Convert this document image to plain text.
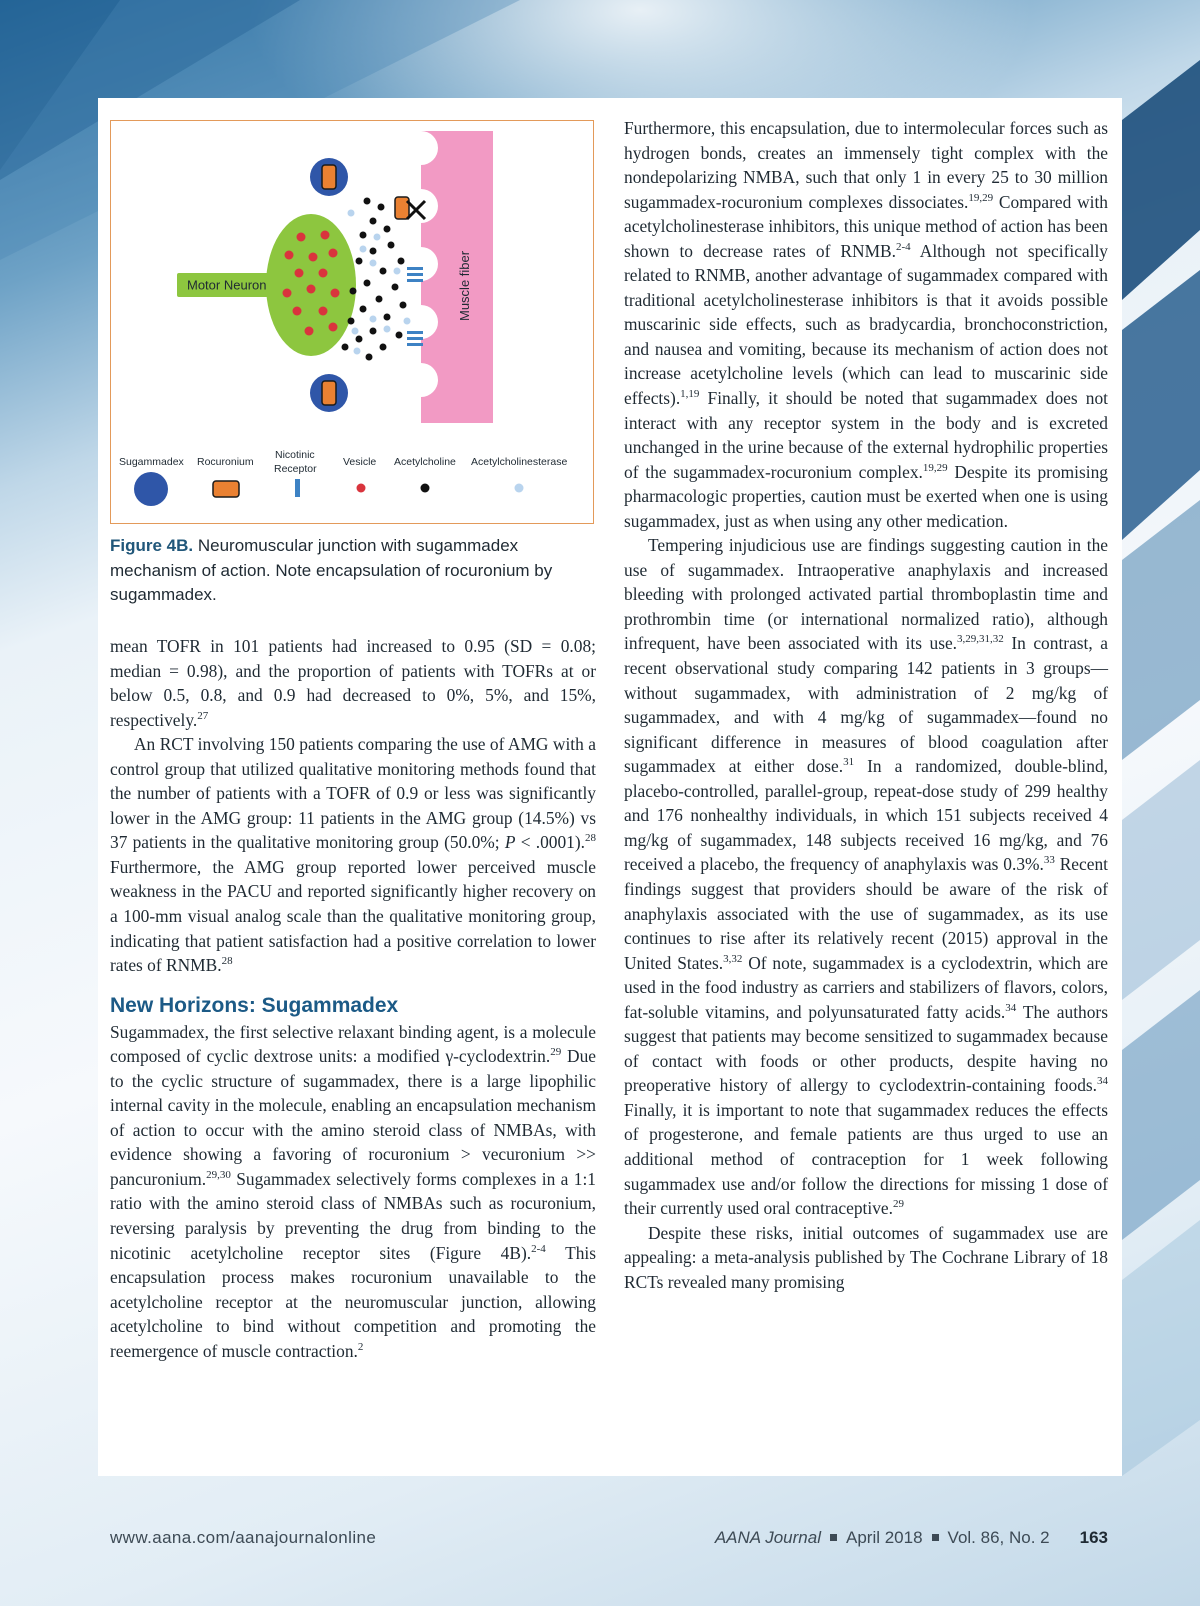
Muscle fiber
Motor Neuron
Sugammadex Rocuronium
Nicotinic
Receptor
Vesicle Acetylcholine Acetylcholinesterase
Figure 4B. Neuromuscular junction with sugammadex mechanism of action. Note encapsulation of rocuronium by sugammadex.

mean TOFR in 101 patients had increased to 0.95 (SD = 0.08; median = 0.98), and the proportion of patients with TOFRs at or below 0.5, 0.8, and 0.9 had decreased to 0%, 5%, and 15%, respectively.$^{27}$

An RCT involving 150 patients comparing the use of AMG with a control group that utilized qualitative monitoring methods found that the number of patients with a TOFR of 0.9 or less was significantly lower in the AMG group: 11 patients in the AMG group (14.5%) vs 37 patients in the qualitative monitoring group (50.0%; P < .0001).$^{28}$ Furthermore, the AMG group reported lower perceived muscle weakness in the PACU and reported significantly higher recovery on a 100-mm visual analog scale than the qualitative monitoring group, indicating that patient satisfaction had a positive correlation to lower rates of RNMB.$^{28}$

New Horizons: Sugammadex

Sugammadex, the first selective relaxant binding agent, is a molecule composed of cyclic dextrose units: a modified γ-cyclodextrin.$^{29}$ Due to the cyclic structure of sugammadex, there is a large lipophilic internal cavity in the molecule, enabling an encapsulation mechanism of action to occur with the amino steroid class of NMBAs, with evidence showing a favoring of rocuronium > vecuronium >> pancuronium.$^{29,30}$ Sugammadex selectively forms complexes in a 1:1 ratio with the amino steroid class of NMBAs such as rocuronium, reversing paralysis by preventing the drug from binding to the nicotinic acetylcholine receptor sites (Figure 4B).$^{2-4}$ This encapsulation process makes rocuronium unavailable to the acetylcholine receptor at the neuromuscular junction, allowing acetylcholine to bind without competition and promoting the reemergence of muscle contraction.$^2$

Furthermore, this encapsulation, due to intermolecular forces such as hydrogen bonds, creates an immensely tight complex with the nondepolarizing NMBA, such that only 1 in every 25 to 30 million sugammadex-rocuronium complexes dissociates.$^{19,29}$ Compared with acetylcholinesterase inhibitors, this unique method of action has been shown to decrease rates of RNMB.$^{2-4}$ Although not specifically related to RNMB, another advantage of sugammadex compared with traditional acetylcholinesterase inhibitors is that it avoids possible muscarinic side effects, such as bradycardia, bronchoconstriction, and nausea and vomiting, because its mechanism of action does not increase acetylcholine levels (which can lead to muscarinic side effects).$^{1,19}$ Finally, it should be noted that sugammadex does not interact with any receptor system in the body and is excreted unchanged in the urine because of the external hydrophilic properties of the sugammadex-rocuronium complex.$^{19,29}$ Despite its promising pharmacologic properties, caution must be exerted when one is using sugammadex, just as when using any other medication.

Tempering injudicious use are findings suggesting caution in the use of sugammadex. Intraoperative anaphylaxis and increased bleeding with prolonged activated partial thromboplastin time and prothrombin time (or international normalized ratio), although infrequent, have been associated with its use.$^{3,29,31,32}$ In contrast, a recent observational study comparing 142 patients in 3 groups—without sugammadex, with administration of 2 mg/kg of sugammadex, and with 4 mg/kg of sugammadex—found no significant difference in measures of blood coagulation after sugammadex at either dose.$^{31}$ In a randomized, double-blind, placebo-controlled, parallel-group, repeat-dose study of 299 healthy and 176 nonhealthy individuals, in which 151 subjects received 4 mg/kg of sugammadex, 148 subjects received 16 mg/kg, and 76 received a placebo, the frequency of anaphylaxis was 0.3%.$^{33}$ Recent findings suggest that providers should be aware of the risk of anaphylaxis associated with the use of sugammadex, as its use continues to rise after its relatively recent (2015) approval in the United States.$^{3,32}$ Of note, sugammadex is a cyclodextrin, which are used in the food industry as carriers and stabilizers of flavors, colors, fat-soluble vitamins, and polyunsaturated fatty acids.$^{34}$ The authors suggest that patients may become sensitized to sugammadex because of contact with foods or other products, despite having no preoperative history of allergy to cyclodextrin-containing foods.$^{34}$ Finally, it is important to note that sugammadex reduces the effects of progesterone, and female patients are thus urged to use an additional method of contraception for 1 week following sugammadex use and/or follow the directions for missing 1 dose of their currently used oral contraceptive.$^{29}$

Despite these risks, initial outcomes of sugammadex use are appealing: a meta-analysis published by The Cochrane Library of 18 RCTs revealed many promising

www.aana.com/aanajournalonline	AANA Journal April 2018 Vol. 86, No. 2 163
